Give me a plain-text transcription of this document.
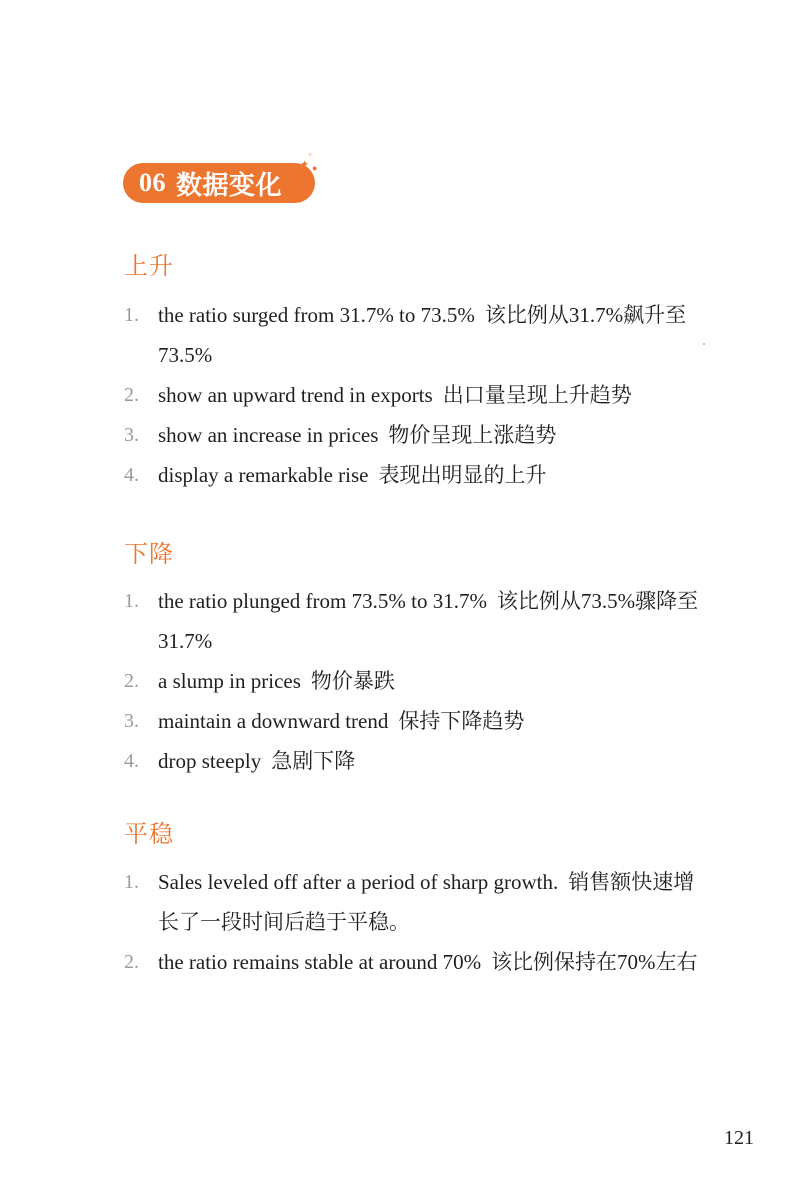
06 数据变化
✦ ●
✧
上升
1. the ratio surged from 31.7% to 73.5% 该比例从31.7%飙升至73.5%
2. show an upward trend in exports 出口量呈现上升趋势
3. show an increase in prices 物价呈现上涨趋势
4. display a remarkable rise 表现出明显的上升
下降
1. the ratio plunged from 73.5% to 31.7% 该比例从73.5%骤降至31.7%
2. a slump in prices 物价暴跌
3. maintain a downward trend 保持下降趋势
4. drop steeply 急剧下降
平稳
1. Sales leveled off after a period of sharp growth. 销售额快速增长了一段时间后趋于平稳。
2. the ratio remains stable at around 70% 该比例保持在70%左右
121
